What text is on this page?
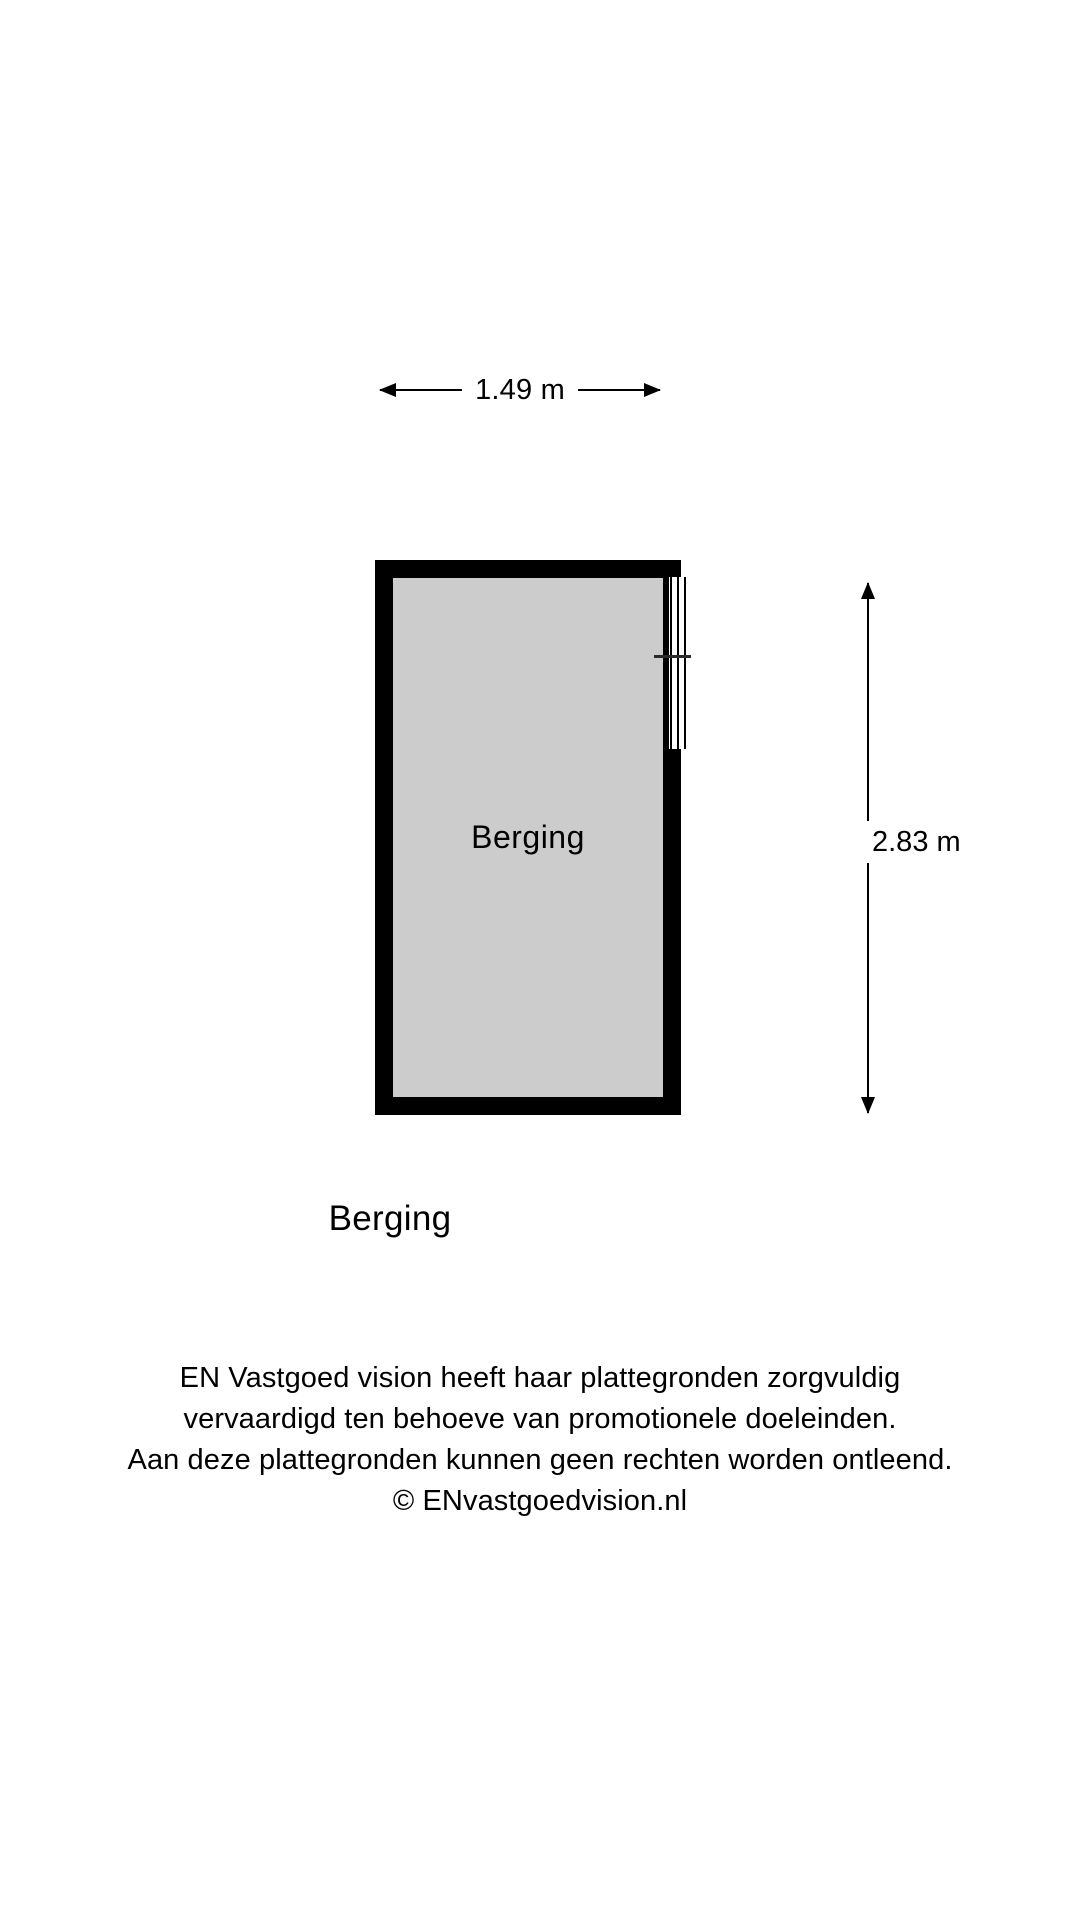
1.49 m
Berging	2.83 m
Berging
EN Vastgoed vision heeft haar plattegronden zorgvuldig
vervaardigd ten behoeve van promotionele doeleinden.
Aan deze plattegronden kunnen geen rechten worden ontleend.
© ENvastgoedvision.nl
